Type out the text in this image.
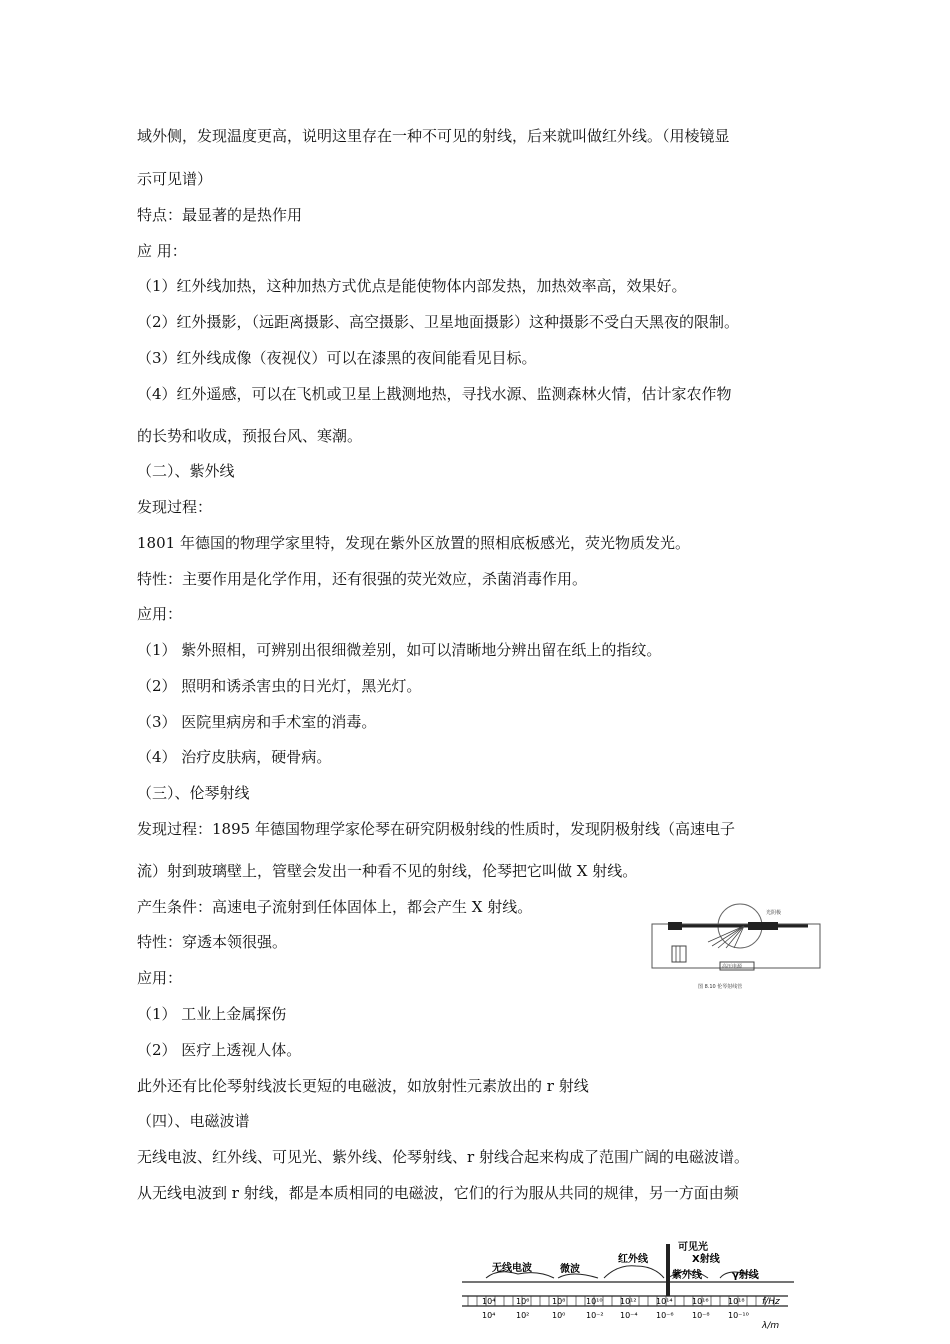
域外侧，发现温度更高，说明这里存在一种不可见的射线，后来就叫做红外线。（用棱镜显
示可见谱）
特点：最显著的是热作用
应 用：
（1）红外线加热，这种加热方式优点是能使物体内部发热，加热效率高，效果好。
（2）红外摄影，（远距离摄影、高空摄影、卫星地面摄影）这种摄影不受白天黑夜的限制。
（3）红外线成像（夜视仪）可以在漆黑的夜间能看见目标。
（4）红外遥感，可以在飞机或卫星上戡测地热，寻找水源、监测森林火情，估计家农作物
的长势和收成，预报台风、寒潮。
（二）、紫外线
发现过程：
1801 年德国的物理学家里特，发现在紫外区放置的照相底板感光，荧光物质发光。
特性：主要作用是化学作用，还有很强的荧光效应，杀菌消毒作用。
应用：
（1） 紫外照相，可辨别出很细微差别，如可以清晰地分辨出留在纸上的指纹。
（2） 照明和诱杀害虫的日光灯，黑光灯。
（3） 医院里病房和手术室的消毒。
（4） 治疗皮肤病，硬骨病。
（三）、伦琴射线
发现过程：1895 年德国物理学家伦琴在研究阴极射线的性质时，发现阴极射线（高速电子
流）射到玻璃壁上，管壁会发出一种看不见的射线，伦琴把它叫做 X 射线。
产生条件：高速电子流射到任体固体上，都会产生 X 射线。
特性：穿透本领很强。
应用：
（1） 工业上金属探伤
（2） 医疗上透视人体。
此外还有比伦琴射线波长更短的电磁波，如放射性元素放出的 r 射线
（四）、电磁波谱
无线电波、红外线、可见光、紫外线、伦琴射线、r 射线合起来构成了范围广阔的电磁波谱。
从无线电波到 r 射线，都是本质相同的电磁波，它们的行为服从共同的规律，另一方面由频
光阴极
高压电源
图 8.10 伦琴射线管
无线电波	微波
红外线
可见光
X射线
紫外线	γ射线
10⁴	10⁶	10⁸	10¹⁰ 10¹² 10¹⁴ 10¹⁶ 10¹⁸ f/Hz
10⁴	10²	10⁰	10⁻² 10⁻⁴ 10⁻⁶ 10⁻⁸ 10⁻¹⁰
λ/m
